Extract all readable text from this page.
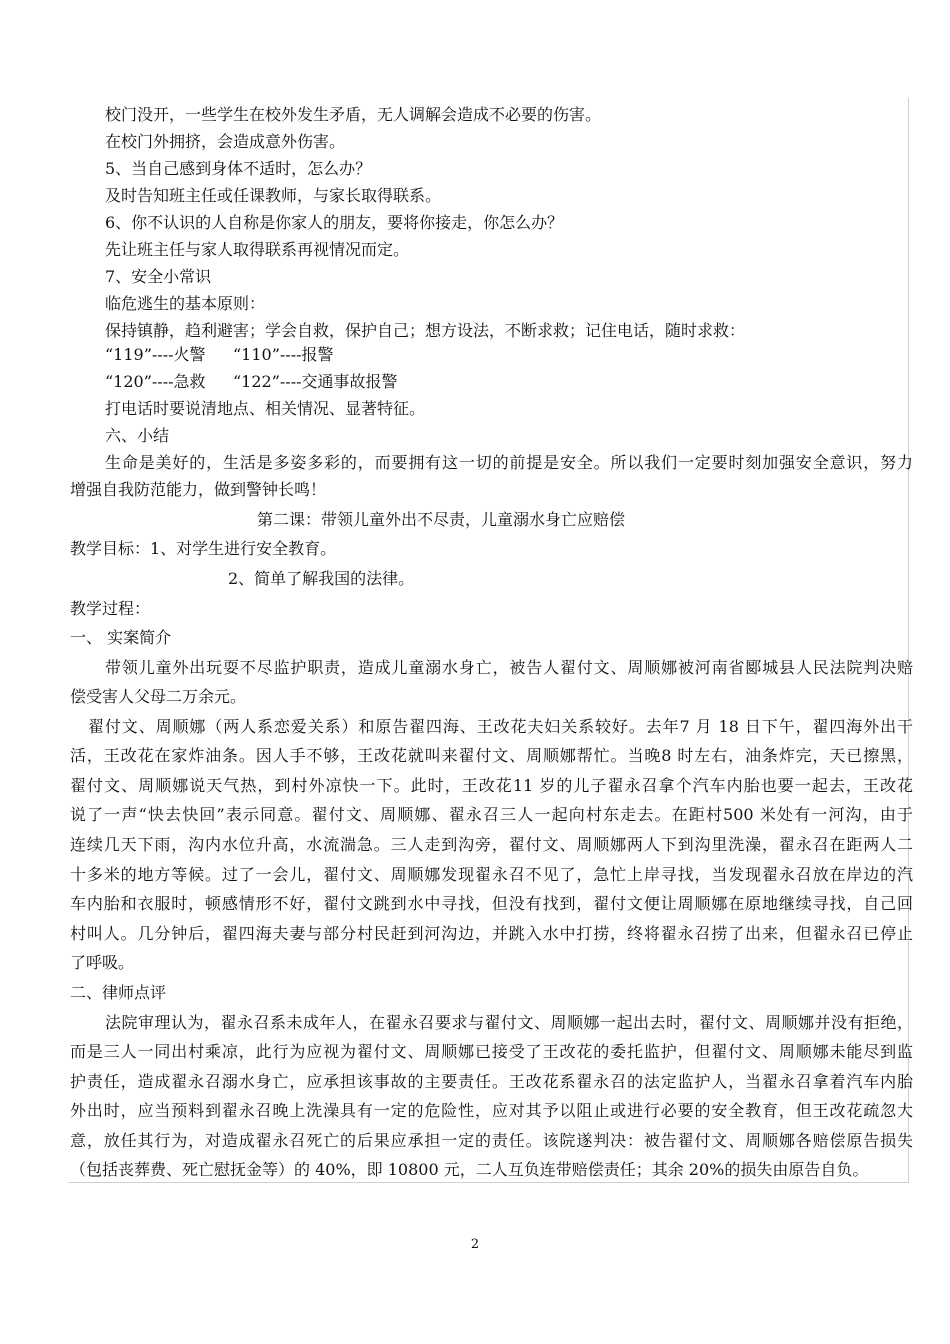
校门没开，一些学生在校外发生矛盾，无人调解会造成不必要的伤害。
在校门外拥挤，会造成意外伤害。
5、当自己感到身体不适时，怎么办？
及时告知班主任或任课教师，与家长取得联系。
6、你不认识的人自称是你家人的朋友，要将你接走，你怎么办？
先让班主任与家人取得联系再视情况而定。
7、安全小常识
临危逃生的基本原则：
保持镇静，趋利避害；学会自救，保护自己；想方设法，不断求救；记住电话，随时求救：
“119”----火警 “110”----报警
“120”----急救 “122”----交通事故报警
打电话时要说清地点、相关情况、显著特征。
六、小结
生命是美好的，生活是多姿多彩的，而要拥有这一切的前提是安全。所以我们一定要时刻加强安全意识，努力
增强自我防范能力，做到警钟长鸣！
第二课：带领儿童外出不尽责，儿童溺水身亡应赔偿
教学目标：1、对学生进行安全教育。
2、简单了解我国的法律。
教学过程：
一、 实案简介
带领儿童外出玩耍不尽监护职责，造成儿童溺水身亡，被告人翟付文、周顺娜被河南省郾城县人民法院判决赔
偿受害人父母二万余元。
翟付文、周顺娜（两人系恋爱关系）和原告翟四海、王改花夫妇关系较好。去年7 月 18 日下午，翟四海外出干
活，王改花在家炸油条。因人手不够，王改花就叫来翟付文、周顺娜帮忙。当晚8 时左右，油条炸完，天已擦黑，
翟付文、周顺娜说天气热，到村外凉快一下。此时，王改花11 岁的儿子翟永召拿个汽车内胎也要一起去，王改花
说了一声“快去快回”表示同意。翟付文、周顺娜、翟永召三人一起向村东走去。在距村500 米处有一河沟，由于
连续几天下雨，沟内水位升高，水流湍急。三人走到沟旁，翟付文、周顺娜两人下到沟里洗澡，翟永召在距两人二
十多米的地方等候。过了一会儿，翟付文、周顺娜发现翟永召不见了，急忙上岸寻找，当发现翟永召放在岸边的汽
车内胎和衣服时，顿感情形不好，翟付文跳到水中寻找，但没有找到，翟付文便让周顺娜在原地继续寻找，自己回
村叫人。几分钟后，翟四海夫妻与部分村民赶到河沟边，并跳入水中打捞，终将翟永召捞了出来，但翟永召已停止
了呼吸。
二、律师点评
法院审理认为，翟永召系未成年人，在翟永召要求与翟付文、周顺娜一起出去时，翟付文、周顺娜并没有拒绝，
而是三人一同出村乘凉，此行为应视为翟付文、周顺娜已接受了王改花的委托监护，但翟付文、周顺娜未能尽到监
护责任，造成翟永召溺水身亡，应承担该事故的主要责任。王改花系翟永召的法定监护人，当翟永召拿着汽车内胎
外出时，应当预料到翟永召晚上洗澡具有一定的危险性，应对其予以阻止或进行必要的安全教育，但王改花疏忽大
意，放任其行为，对造成翟永召死亡的后果应承担一定的责任。该院遂判决：被告翟付文、周顺娜各赔偿原告损失
（包括丧葬费、死亡慰抚金等）的 40%，即 10800 元，二人互负连带赔偿责任；其余 20%的损失由原告自负。
2
